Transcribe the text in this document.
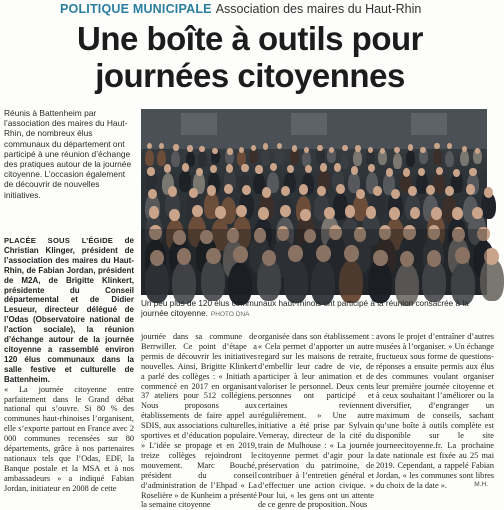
POLITIQUE MUNICIPALE Association des maires du Haut-Rhin
Une boîte à outils pour
journées citoyennes
Réunis à Battenheim par l’association des maires du Haut-Rhin, de nombreux élus communaux du département ont participé à une réunion d’échange des pratiques autour de la journée citoyenne. L’occasion également de découvrir de nouvelles initiatives.
Un peu plus de 120 élus communaux haut-rhinois ont participé à la réunion consacrée à la journée citoyenne. PHOTO DNA

PLACÉE SOUS L’ÉGIDE de Christian Klinger, président de l’association des maires du Haut-Rhin, de Fabian Jordan, président de M2A, de Brigitte Klinkert, présidente du Conseil départemental et de Didier Lesueur, directeur délégué de l’Odas (Observatoire national de l’action sociale), la réunion d’échange autour de la journée citoyenne a rassemblé environ 120 élus communaux dans la salle festive et culturelle de Battenheim.

« La journée citoyenne entre parfaitement dans le Grand débat national qui s’ouvre. Si 80 % des communes haut-rhinoises l’organisent, elle s’exporte partout en France avec 2 000 communes recensées sur 80 départements, grâce à nos partenaires nationaux tels que l’Odas, EDF, la Banque postale et la MSA et à nos ambassadeurs » a indiqué Fabian Jordan, initiateur en 2008 de cette

journée dans sa commune de Berrwiller. Ce point d’étape a permis de découvrir les initiatives nouvelles. Ainsi, Brigitte Klinkert a parlé des collèges : « Initiath a commencé en 2017 en organisant 37 ateliers pour 512 collégiens. Nous proposons aux établissements de faire appel au SDIS, aux associations culturelles, sportives et d’éducation populaire. » L’idée se propage et en 2019, treize collèges rejoindront le mouvement. Marc Bouché, président du conseil d’administration de l’Ehpad « La Roselière » de Kunheim a présenté la semaine citoyenne

organisée dans son établissement : « Cela permet d’apporter un autre regard sur les maisons de retraite, d’embellir leur cadre de vie, de participer à leur animation et de valoriser le personnel. Deux cents personnes ont participé et certaines reviennent régulièrement. » Une autre initiative a été prise par Sylvain Vemeray, directeur de la cité du train de Mulhouse : « La journée citoyenne permet d’agir pour la préservation du patrimoine, de contribuer à l’entretien général et d’effectuer une action civique. » Pour lui, « les gens ont un attente de ce genre de proposition. Nous

avons le projet d’entraîner d’autres musées à l’organiser. » Un échange fructueux sous forme de questions-réponses a ensuite permis aux élus des communes voulant organiser leur première journée citoyenne et à ceux souhaitant l’améliorer ou la diversifier, d’engranger un maximum de conseils, sachant qu’une boîte à outils complète est disponible sur le site journeecitoyenne.fr. La prochaine date nationale est fixée au 25 mai 2019. Cependant, a rappelé Fabian Jordan, « les communes sont libres du choix de la date ».	M.H.
